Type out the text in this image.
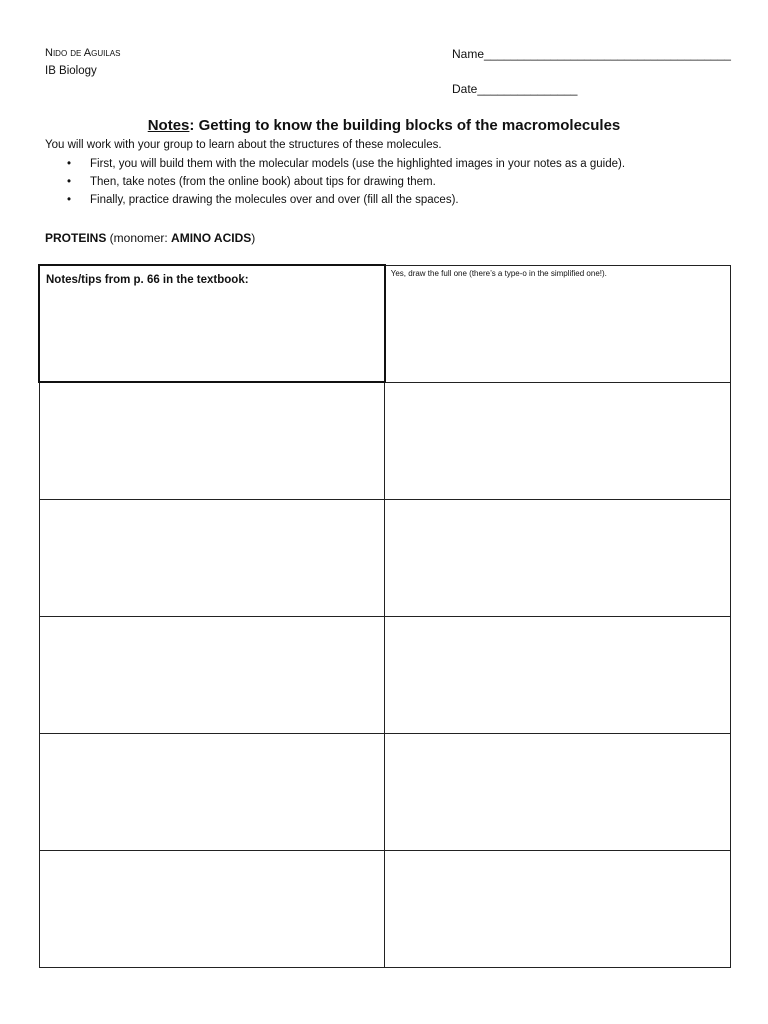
Nido de Aguilas
IB Biology
Name_____________________________________
Date_______________
Notes: Getting to know the building blocks of the macromolecules
You will work with your group to learn about the structures of these molecules.
• First, you will build them with the molecular models (use the highlighted images in your notes as a guide).
• Then, take notes (from the online book) about tips for drawing them.
• Finally, practice drawing the molecules over and over (fill all the spaces).
PROTEINS (monomer: AMINO ACIDS)
Notes/tips from p. 66 in the textbook:	Yes, draw the full one (there’s a type-o in the simplified one!).
